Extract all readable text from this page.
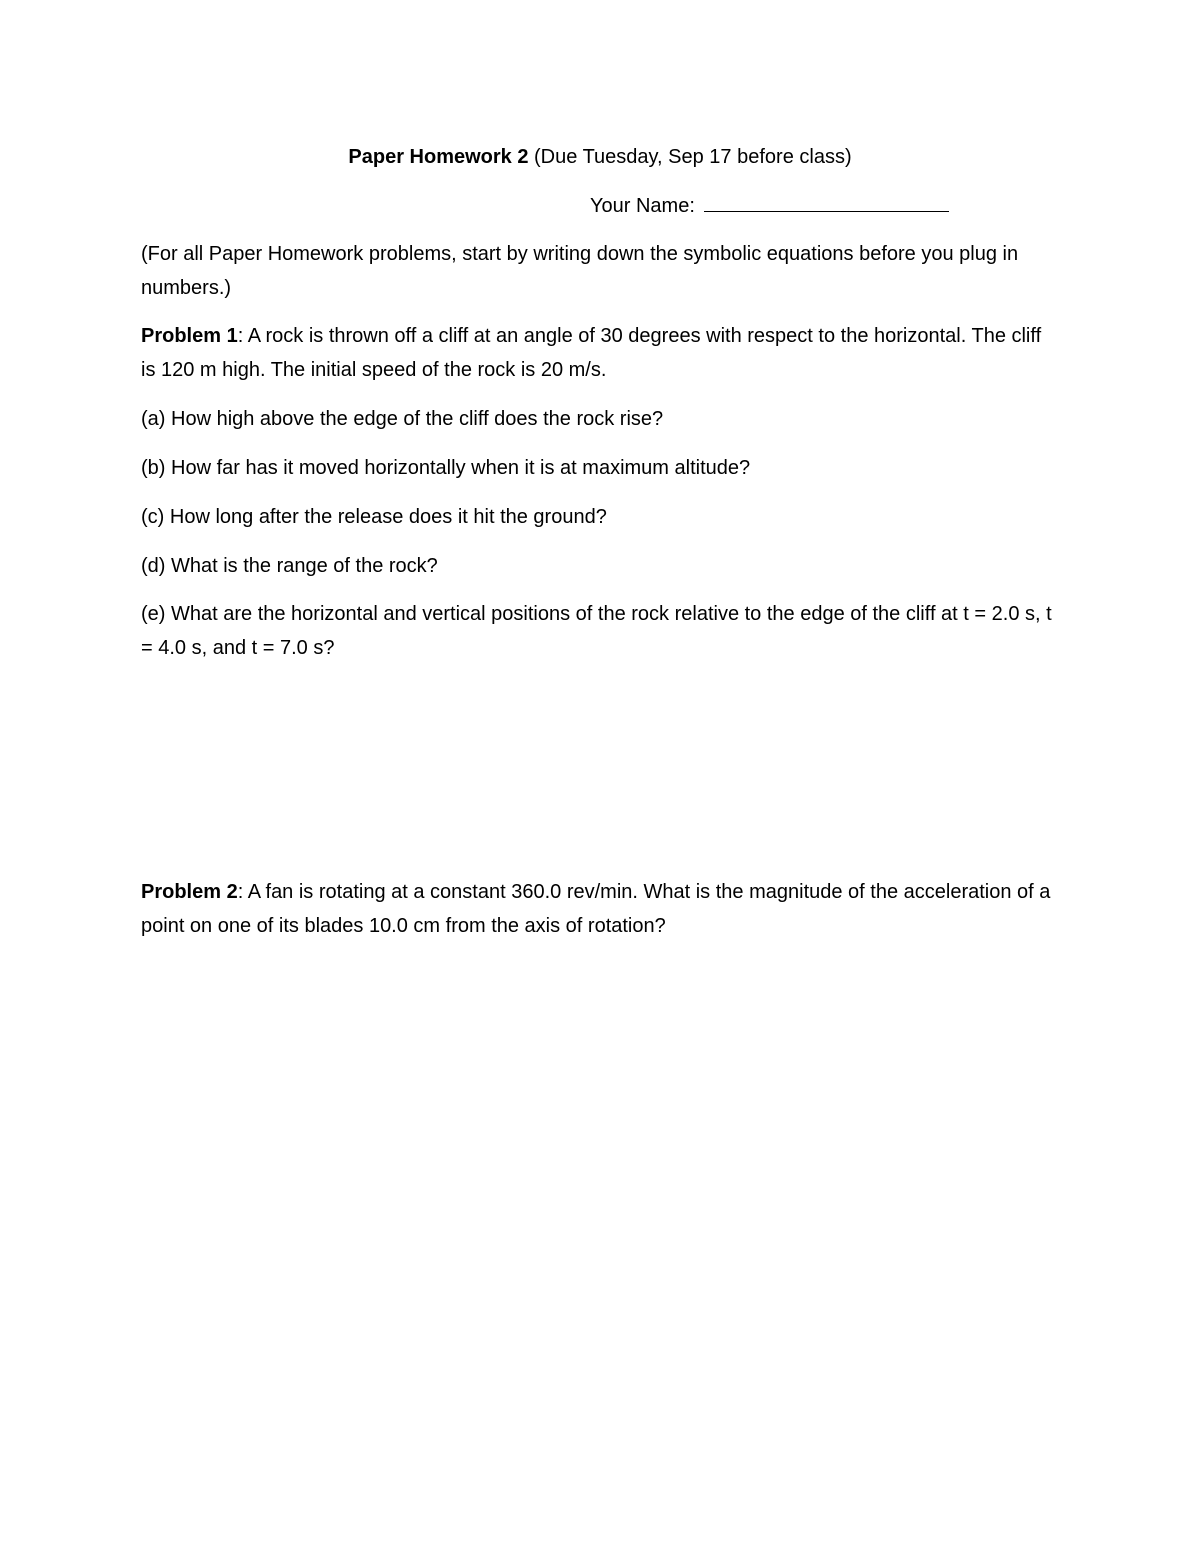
Paper Homework 2 (Due Tuesday, Sep 17 before class)
Your Name:
(For all Paper Homework problems, start by writing down the symbolic equations before you plug in numbers.)
Problem 1: A rock is thrown off a cliff at an angle of 30 degrees with respect to the horizontal. The cliff is 120 m high. The initial speed of the rock is 20 m/s.
(a) How high above the edge of the cliff does the rock rise?
(b) How far has it moved horizontally when it is at maximum altitude?
(c) How long after the release does it hit the ground?
(d) What is the range of the rock?
(e) What are the horizontal and vertical positions of the rock relative to the edge of the cliff at t = 2.0 s, t = 4.0 s, and t = 7.0 s?
Problem 2: A fan is rotating at a constant 360.0 rev/min. What is the magnitude of the acceleration of a point on one of its blades 10.0 cm from the axis of rotation?
